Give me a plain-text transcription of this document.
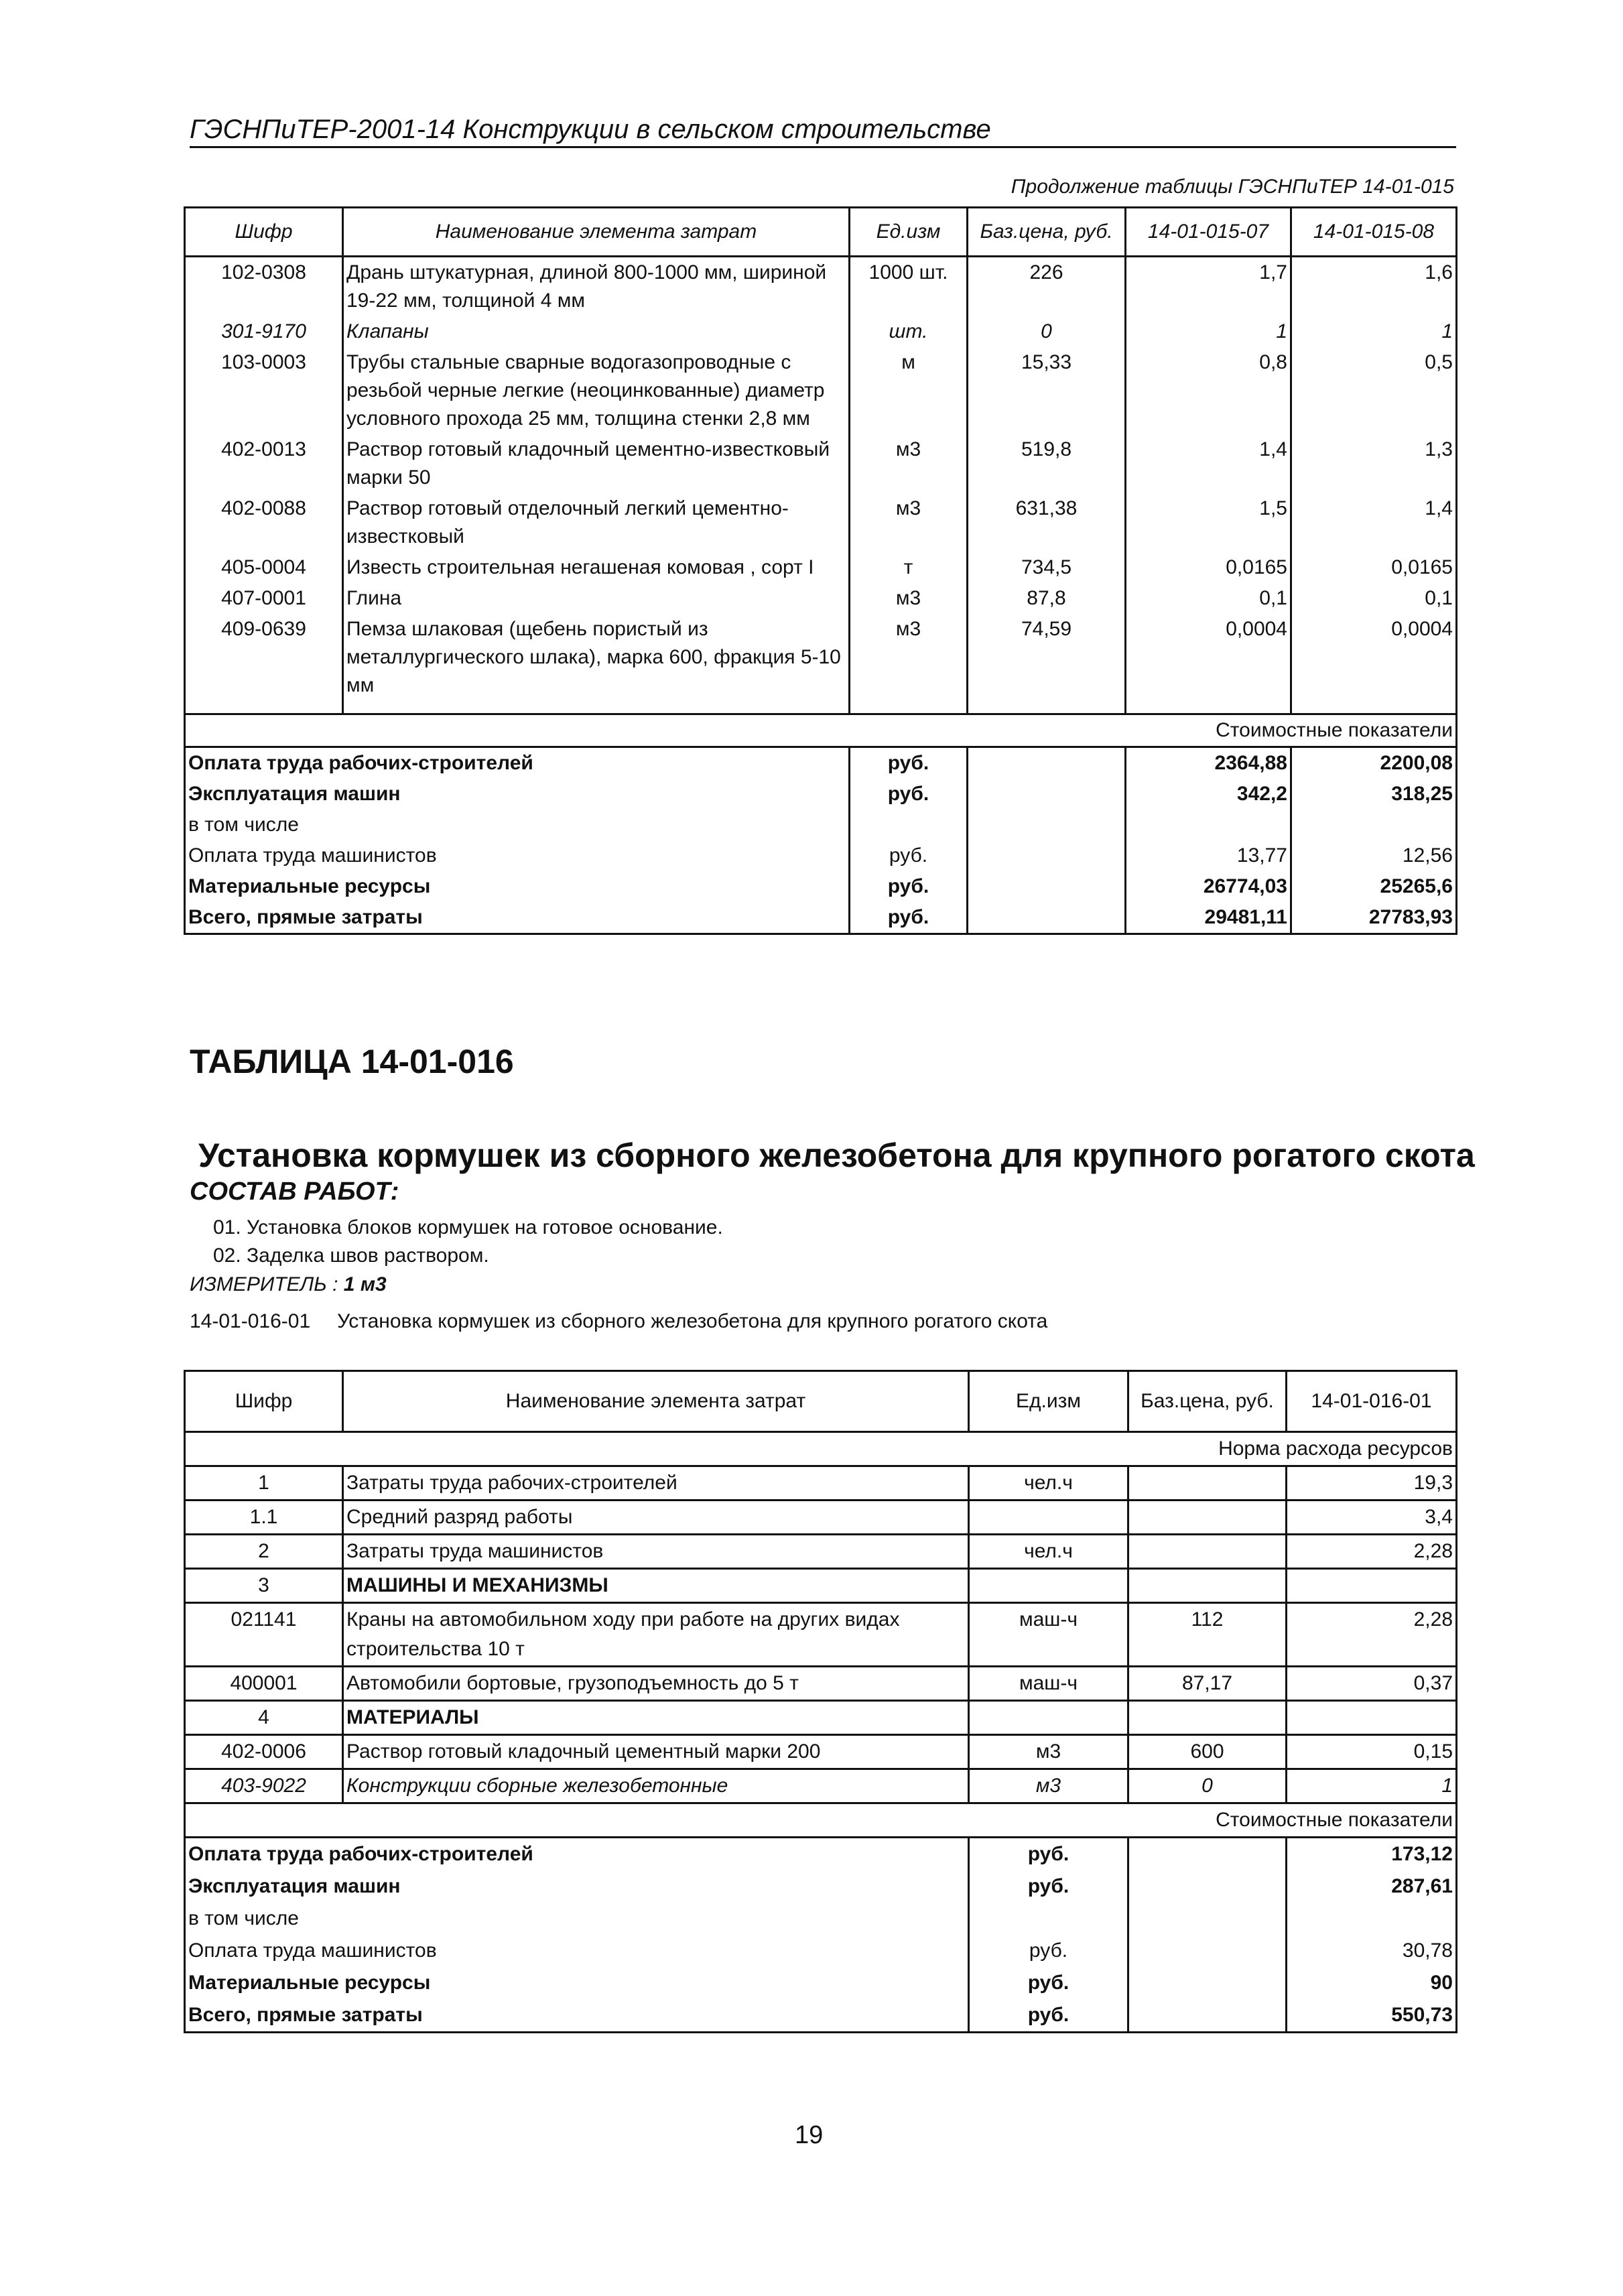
ГЭСНПиТЕР-2001-14 Конструкции в сельском строительстве
Продолжение таблицы ГЭСНПиТЕР 14-01-015
Шифр	Наименование элемента затрат	Ед.изм	Баз.цена, руб.	14-01-015-07	14-01-015-08
102-0308	Дрань штукатурная, длиной 800-1000 мм, шириной 19-22 мм, толщиной 4 мм	1000 шт.	226	1,7	1,6
301-9170	Клапаны	шт.	0	1	1
103-0003	Трубы стальные сварные водогазопроводные с резьбой черные легкие (неоцинкованные) диаметр условного прохода 25 мм, толщина стенки 2,8 мм	м	15,33	0,8	0,5
402-0013	Раствор готовый кладочный цементно-известковый марки 50	м3	519,8	1,4	1,3
402-0088	Раствор готовый отделочный легкий цементно-известковый	м3	631,38	1,5	1,4
405-0004	Известь строительная негашеная комовая , сорт I	т	734,5	0,0165	0,0165
407-0001	Глина	м3	87,8	0,1	0,1
409-0639	Пемза шлаковая (щебень пористый из металлургического шлака), марка 600, фракция 5-10 мм	м3	74,59	0,0004	0,0004

Стоимостные показатели					
Оплата труда рабочих-строителей		руб.		2364,88	2200,08
Эксплуатация машин		руб.		342,2	318,25
в том числе					
Оплата труда машинистов		руб.		13,77	12,56
Материальные ресурсы		руб.		26774,03	25265,6
Всего, прямые затраты		руб.		29481,11	27783,93
ТАБЛИЦА 14-01-016
Установка кормушек из сборного железобетона для крупного рогатого скота
СОСТАВ РАБОТ:
01. Установка блоков кормушек на готовое основание.
02. Заделка швов раствором.
ИЗМЕРИТЕЛЬ : 1 м3
14-01-016-01 Установка кормушек из сборного железобетона для крупного рогатого скота
Шифр	Наименование элемента затрат	Ед.изм	Баз.цена, руб.	14-01-016-01
Норма расхода ресурсов				
1	Затраты труда рабочих-строителей	чел.ч		19,3
1.1	Средний разряд работы			3,4
2	Затраты труда машинистов	чел.ч		2,28
3	МАШИНЫ И МЕХАНИЗМЫ			
021141	Краны на автомобильном ходу при работе на других видах строительства 10 т	маш-ч	112	2,28
400001	Автомобили бортовые, грузоподъемность до 5 т	маш-ч	87,17	0,37
4	МАТЕРИАЛЫ			
402-0006	Раствор готовый кладочный цементный марки 200	м3	600	0,15
403-9022	Конструкции сборные железобетонные	м3	0	1
Стоимостные показатели				
Оплата труда рабочих-строителей		руб.		173,12
Эксплуатация машин		руб.		287,61
в том числе				
Оплата труда машинистов		руб.		30,78
Материальные ресурсы		руб.		90
Всего, прямые затраты		руб.		550,73
19
